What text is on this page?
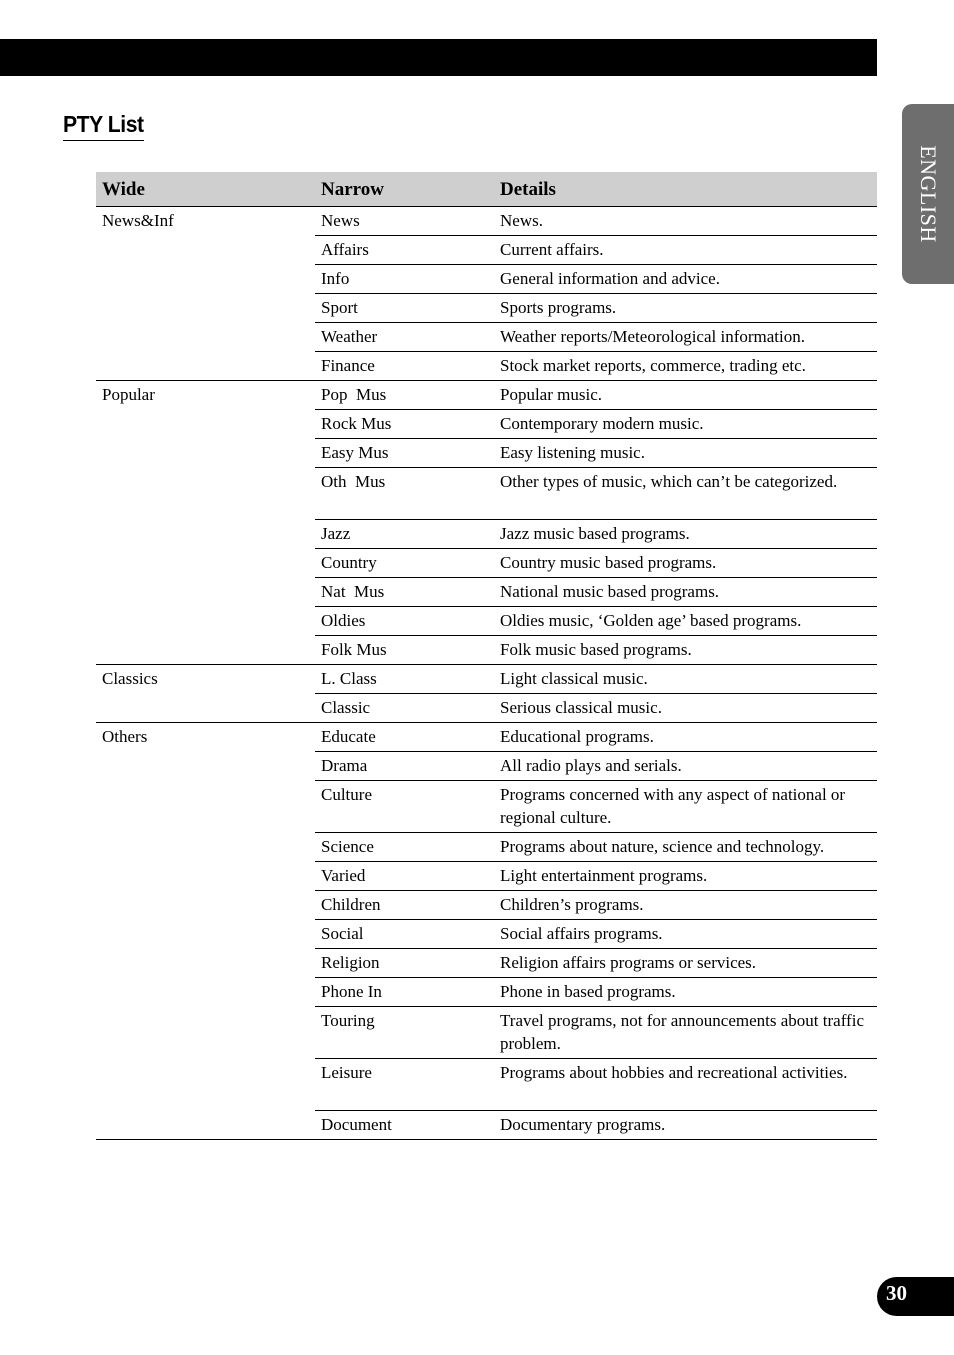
PTY List
ENGLISH
Wide	Narrow	Details
News&Inf	News	News.
	Affairs	Current affairs.
	Info	General information and advice.
	Sport	Sports programs.
	Weather	Weather reports/Meteorological information.
	Finance	Stock market reports, commerce, trading etc.
Popular	Pop  Mus	Popular music.
	Rock Mus	Contemporary modern music.
	Easy Mus	Easy listening music.
	Oth  Mus	Other types of music, which can’t be categorized.
	Jazz	Jazz music based programs.
	Country	Country music based programs.
	Nat  Mus	National music based programs.
	Oldies	Oldies music, ‘Golden age’ based programs.
	Folk Mus	Folk music based programs.
Classics	L. Class	Light classical music.
	Classic	Serious classical music.
Others	Educate	Educational programs.
	Drama	All radio plays and serials.
	Culture	Programs concerned with any aspect of national or regional culture.
	Science	Programs about nature, science and technology.
	Varied	Light entertainment programs.
	Children	Children’s programs.
	Social	Social affairs programs.
	Religion	Religion affairs programs or services.
	Phone In	Phone in based programs.
	Touring	Travel programs, not for announcements about traffic problem.
	Leisure	Programs about hobbies and recreational activities.
	Document	Documentary programs.
30
